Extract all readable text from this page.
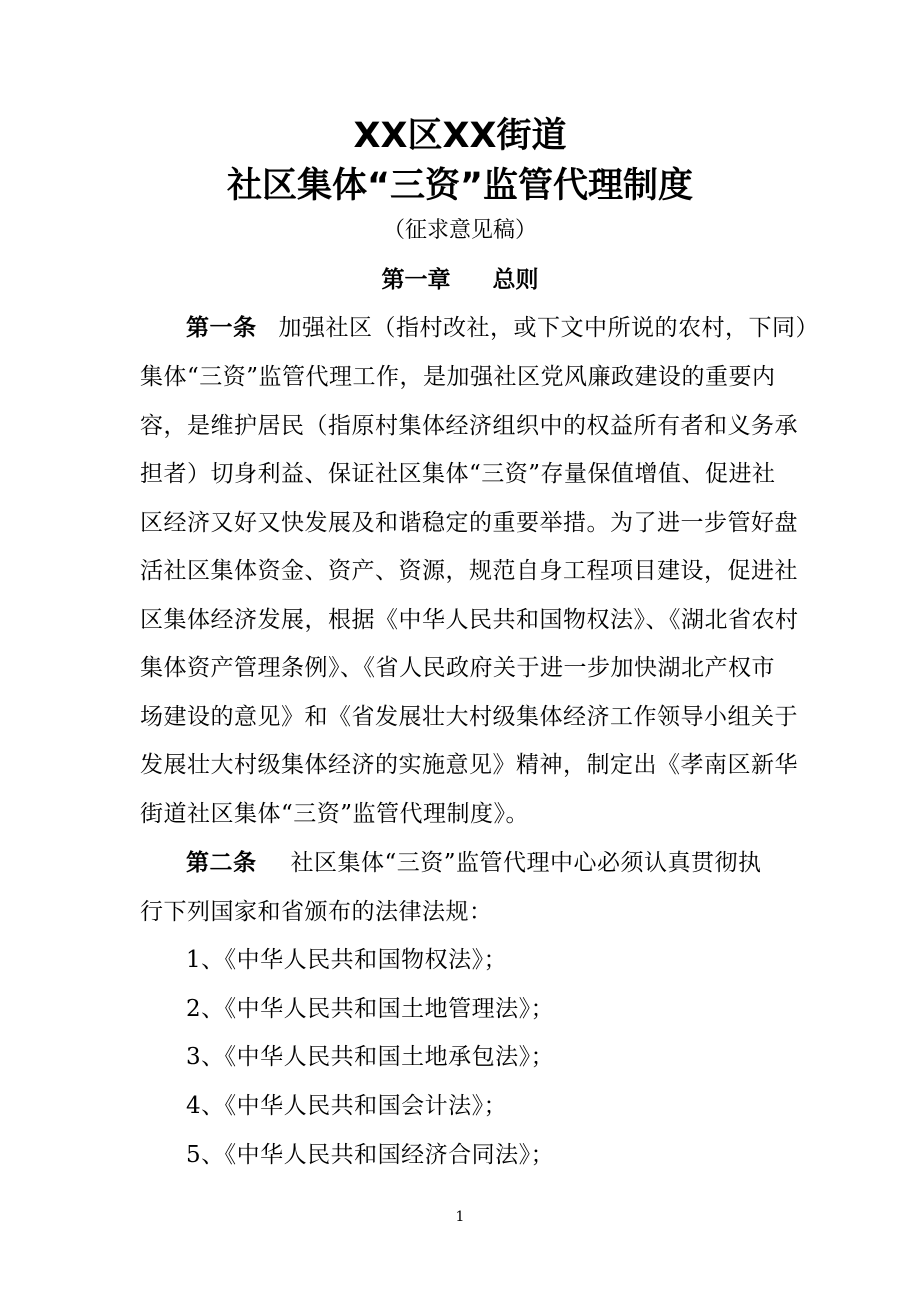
XX区XX街道
社区集体“三资”监管代理制度
（征求意见稿）
第一章 总则
第一条 加强社区（指村改社，或下文中所说的农村，下同）
集体“三资”监管代理工作，是加强社区党风廉政建设的重要内
容，是维护居民（指原村集体经济组织中的权益所有者和义务承
担者）切身利益、保证社区集体“三资”存量保值增值、促进社
区经济又好又快发展及和谐稳定的重要举措。为了进一步管好盘
活社区集体资金、资产、资源，规范自身工程项目建设，促进社
区集体经济发展，根据《中华人民共和国物权法》、《湖北省农村
集体资产管理条例》、《省人民政府关于进一步加快湖北产权市
场建设的意见》和《省发展壮大村级集体经济工作领导小组关于
发展壮大村级集体经济的实施意见》精神，制定出《孝南区新华
街道社区集体“三资”监管代理制度》。
第二条 社区集体“三资”监管代理中心必须认真贯彻执
行下列国家和省颁布的法律法规：
1、《中华人民共和国物权法》；
2、《中华人民共和国土地管理法》；
3、《中华人民共和国土地承包法》；
4、《中华人民共和国会计法》；
5、《中华人民共和国经济合同法》；
1
